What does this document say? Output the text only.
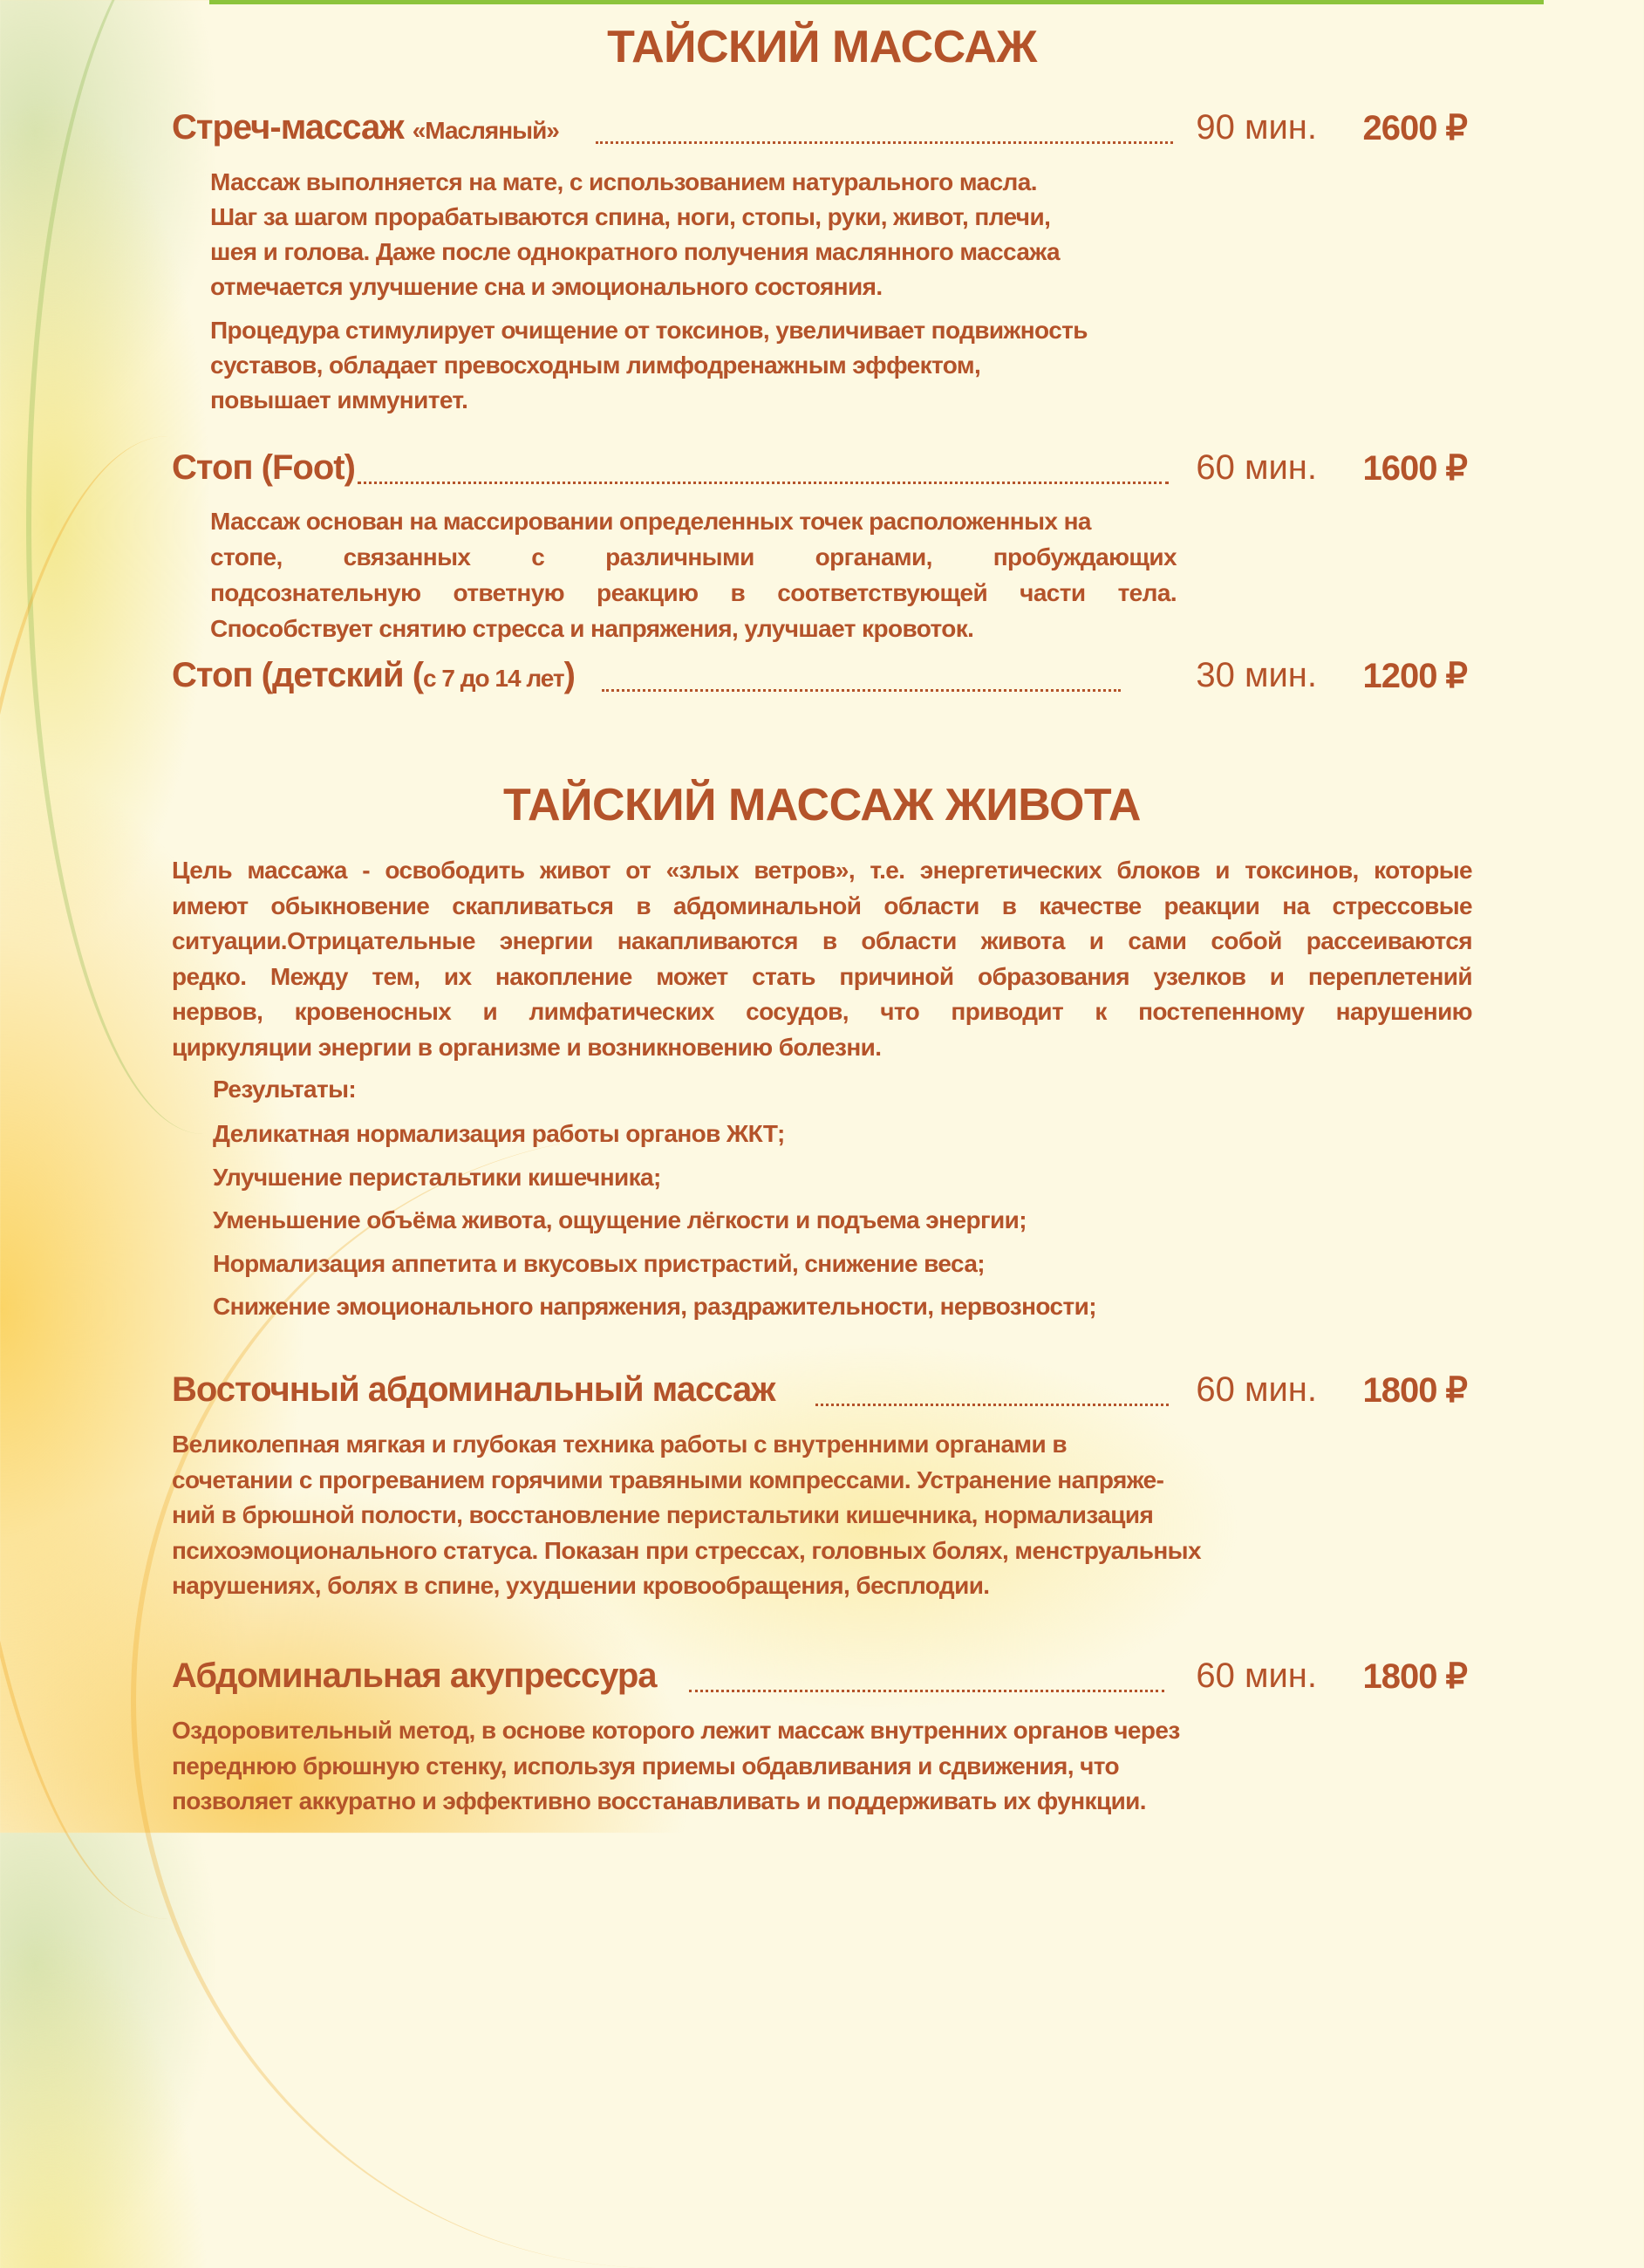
ТАЙСКИЙ МАССАЖ
Стреч-массаж «Масляный»	90 мин.	2600 ₽
Массаж выполняется на мате, с использованием натурального масла.
Шаг за шагом прорабатываются спина, ноги, стопы, руки, живот, плечи,
шея и голова. Даже после однократного получения маслянного массажа
отмечается улучшение сна и эмоционального состояния.
Процедура стимулирует очищение от токсинов, увеличивает подвижность
суставов, обладает превосходным лимфодренажным эффектом,
повышает иммунитет.
Стоп (Foot)	60 мин.	1600 ₽
Массаж основан на массировании определенных точек расположенных на
стопе, связанных с различными органами, пробуждающих
подсознательную ответную реакцию в соответствующей части тела.
Способствует снятию стресса и напряжения, улучшает кровоток.
Стоп (детский (с 7 до 14 лет)	30 мин.	1200 ₽
ТАЙСКИЙ МАССАЖ ЖИВОТА
Цель массажа - освободить живот от «злых ветров», т.е. энергетических блоков и токсинов, которые
имеют обыкновение скапливаться в абдоминальной области в качестве реакции на стрессовые
ситуации.Отрицательные энергии накапливаются в области живота и сами собой рассеиваются
редко. Между тем, их накопление может стать причиной образования узелков и переплетений
нервов, кровеносных и лимфатических сосудов, что приводит к постепенному нарушению
циркуляции энергии в организме и возникновению болезни.
Результаты:
Деликатная нормализация работы органов ЖКТ;
Улучшение перистальтики кишечника;
Уменьшение объёма живота, ощущение лёгкости и подъема энергии;
Нормализация аппетита и вкусовых пристрастий, снижение веса;
Снижение эмоционального напряжения, раздражительности, нервозности;
Восточный абдоминальный массаж	60 мин.	1800 ₽
Великолепная мягкая и глубокая техника работы с внутренними органами в
сочетании с прогреванием горячими травяными компрессами. Устранение напряже-
ний в брюшной полости, восстановление перистальтики кишечника, нормализация
психоэмоционального статуса. Показан при стрессах, головных болях, менструальных
нарушениях, болях в спине, ухудшении кровообращения, бесплодии.
Абдоминальная акупрессура	60 мин.	1800 ₽
Оздоровительный метод, в основе которого лежит массаж внутренних органов через
переднюю брюшную стенку, используя приемы обдавливания и сдвижения, что
позволяет аккуратно и эффективно восстанавливать и поддерживать их функции.
